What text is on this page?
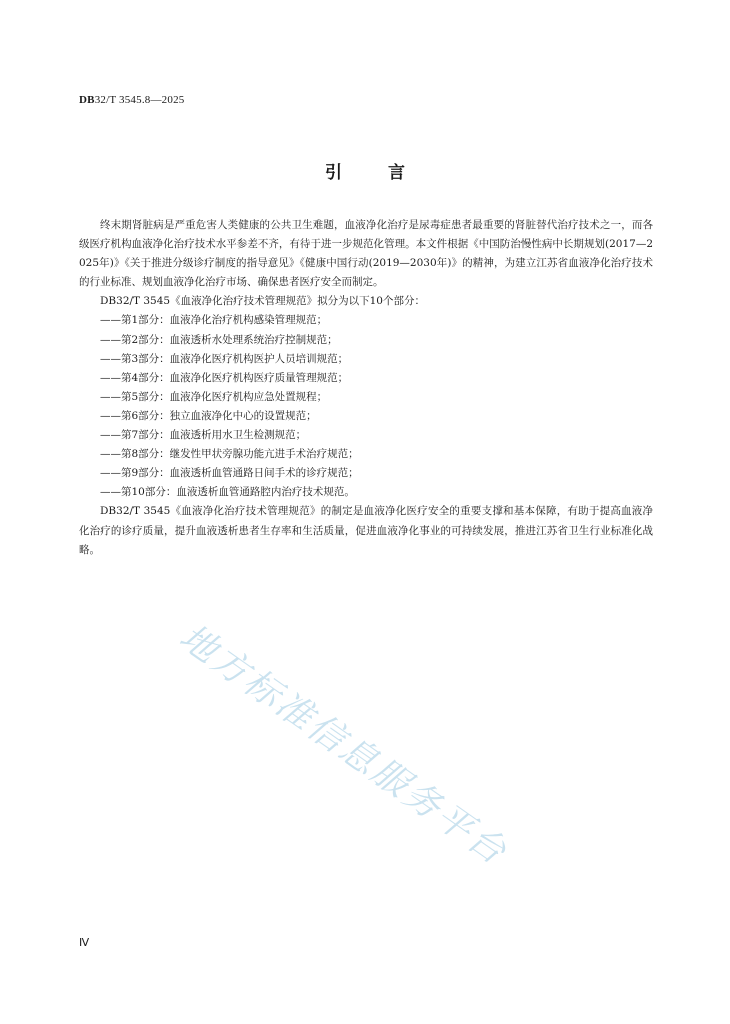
DB32/T 3545.8—2025
引	言

终末期肾脏病是严重危害人类健康的公共卫生难题，血液净化治疗是尿毒症患者最重要的肾脏替代治疗技术之一，而各级医疗机构血液净化治疗技术水平参差不齐，有待于进一步规范化管理。本文件根据《中国防治慢性病中长期规划(2017—2025年)》《关于推进分级诊疗制度的指导意见》《健康中国行动(2019—2030年)》的精神，为建立江苏省血液净化治疗技术的行业标准、规划血液净化治疗市场、确保患者医疗安全而制定。

DB32/T 3545《血液净化治疗技术管理规范》拟分为以下10个部分：

——第1部分：血液净化治疗机构感染管理规范；
——第2部分：血液透析水处理系统治疗控制规范；
——第3部分：血液净化医疗机构医护人员培训规范；
——第4部分：血液净化医疗机构医疗质量管理规范；
——第5部分：血液净化医疗机构应急处置规程；
——第6部分：独立血液净化中心的设置规范；
——第7部分：血液透析用水卫生检测规范；
——第8部分：继发性甲状旁腺功能亢进手术治疗规范；
——第9部分：血液透析血管通路日间手术的诊疗规范；
——第10部分：血液透析血管通路腔内治疗技术规范。

DB32/T 3545《血液净化治疗技术管理规范》的制定是血液净化医疗安全的重要支撑和基本保障，有助于提高血液净化治疗的诊疗质量，提升血液透析患者生存率和生活质量，促进血液净化事业的可持续发展，推进江苏省卫生行业标准化战略。

地方标准信息服务平台
Ⅳ
